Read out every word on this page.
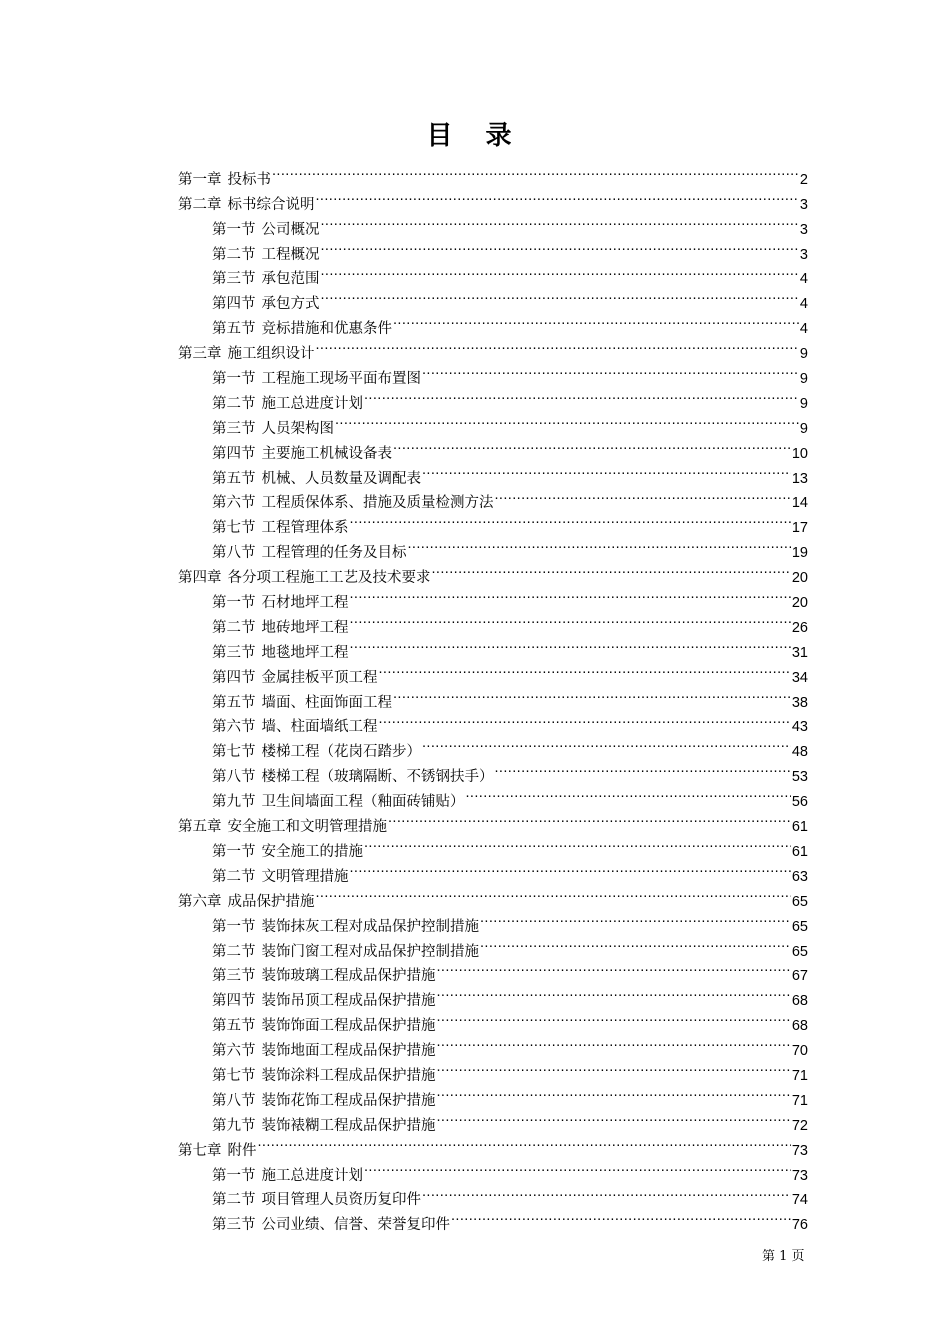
目 录
第一章 投标书 .....	2
第二章 标书综合说明 .....	3
第一节 公司概况 .....	3
第二节 工程概况 .....	3
第三节 承包范围 .....	4
第四节 承包方式 .....	4
第五节 竞标措施和优惠条件 .....	4
第三章 施工组织设计 .....	9
第一节 工程施工现场平面布置图 .....	9
第二节 施工总进度计划 .....	9
第三节 人员架构图 .....	9
第四节 主要施工机械设备表 .....	10
第五节 机械、人员数量及调配表 .....	13
第六节 工程质保体系、措施及质量检测方法 .....	14
第七节 工程管理体系 .....	17
第八节 工程管理的任务及目标 .....	19
第四章 各分项工程施工工艺及技术要求 .....	20
第一节 石材地坪工程 .....	20
第二节 地砖地坪工程 .....	26
第三节 地毯地坪工程 .....	31
第四节 金属挂板平顶工程 .....	34
第五节 墙面、柱面饰面工程 .....	38
第六节 墙、柱面墙纸工程 .....	43
第七节 楼梯工程（花岗石踏步） .....	48
第八节 楼梯工程（玻璃隔断、不锈钢扶手） .....	53
第九节 卫生间墙面工程（釉面砖铺贴） .....	56
第五章 安全施工和文明管理措施 .....	61
第一节 安全施工的措施 .....	61
第二节 文明管理措施 .....	63
第六章 成品保护措施 .....	65
第一节 装饰抹灰工程对成品保护控制措施 .....	65
第二节 装饰门窗工程对成品保护控制措施 .....	65
第三节 装饰玻璃工程成品保护措施 .....	67
第四节 装饰吊顶工程成品保护措施 .....	68
第五节 装饰饰面工程成品保护措施 .....	68
第六节 装饰地面工程成品保护措施 .....	70
第七节 装饰涂料工程成品保护措施 .....	71
第八节 装饰花饰工程成品保护措施 .....	71
第九节 装饰裱糊工程成品保护措施 .....	72
第七章 附件 .....	73
第一节 施工总进度计划 .....	73
第二节 项目管理人员资历复印件 .....	74
第三节 公司业绩、信誉、荣誉复印件 .....	76
第 1 页
